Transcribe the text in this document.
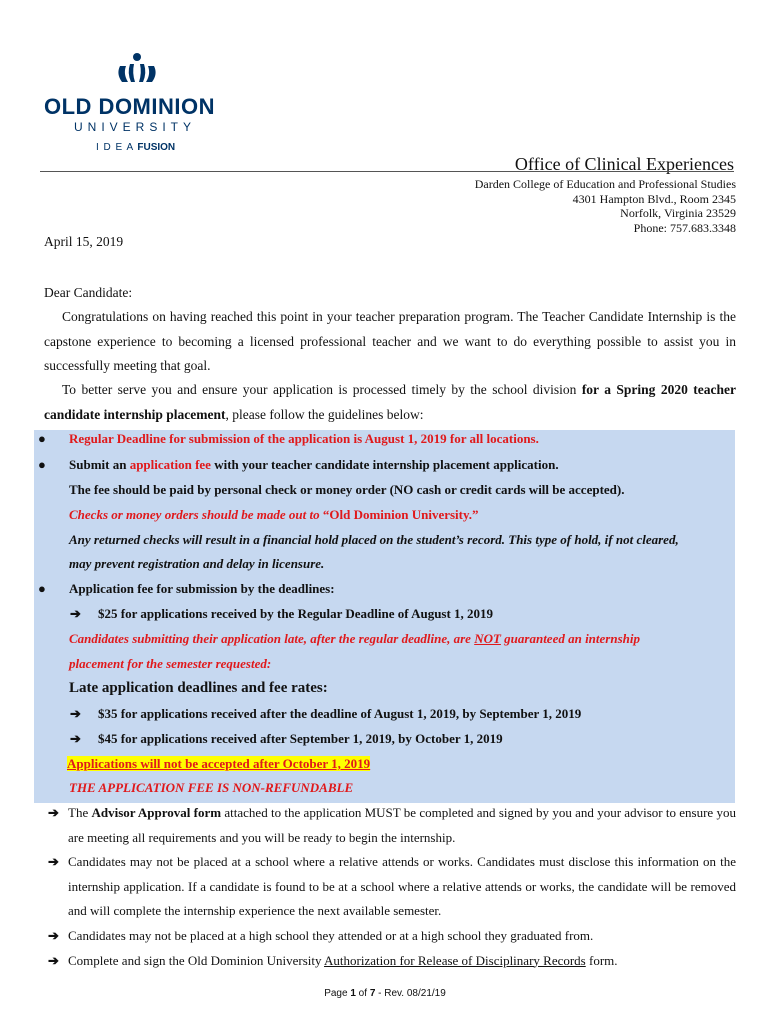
OLD DOMINION
UNIVERSITY
I D E A FUSION
Office of Clinical Experiences
Darden College of Education and Professional Studies
4301 Hampton Blvd., Room 2345
Norfolk, Virginia 23529
Phone: 757.683.3348
April 15, 2019
Dear Candidate:
Congratulations on having reached this point in your teacher preparation program. The Teacher Candidate Internship is the capstone experience to becoming a licensed professional teacher and we want to do everything possible to assist you in successfully meeting that goal.
To better serve you and ensure your application is processed timely by the school division for a Spring 2020 teacher candidate internship placement, please follow the guidelines below:
● Regular Deadline for submission of the application is August 1, 2019 for all locations.
● Submit an application fee with your teacher candidate internship placement application.
The fee should be paid by personal check or money order (NO cash or credit cards will be accepted).
Checks or money orders should be made out to “Old Dominion University.”
Any returned checks will result in a financial hold placed on the student’s record. This type of hold, if not cleared,
may prevent registration and delay in licensure.
● Application fee for submission by the deadlines:
➔ $25 for applications received by the Regular Deadline of August 1, 2019
Candidates submitting their application late, after the regular deadline, are NOT guaranteed an internship
placement for the semester requested:
Late application deadlines and fee rates:
➔ $35 for applications received after the deadline of August 1, 2019, by September 1, 2019
➔ $45 for applications received after September 1, 2019, by October 1, 2019
Applications will not be accepted after October 1, 2019
THE APPLICATION FEE IS NON-REFUNDABLE
➔ The Advisor Approval form attached to the application MUST be completed and signed by you and your advisor to ensure you are meeting all requirements and you will be ready to begin the internship.
➔ Candidates may not be placed at a school where a relative attends or works. Candidates must disclose this information on the internship application. If a candidate is found to be at a school where a relative attends or works, the candidate will be removed and will complete the internship experience the next available semester.
➔ Candidates may not be placed at a high school they attended or at a high school they graduated from.
➔ Complete and sign the Old Dominion University Authorization for Release of Disciplinary Records form.
Page 1 of 7 - Rev. 08/21/19
